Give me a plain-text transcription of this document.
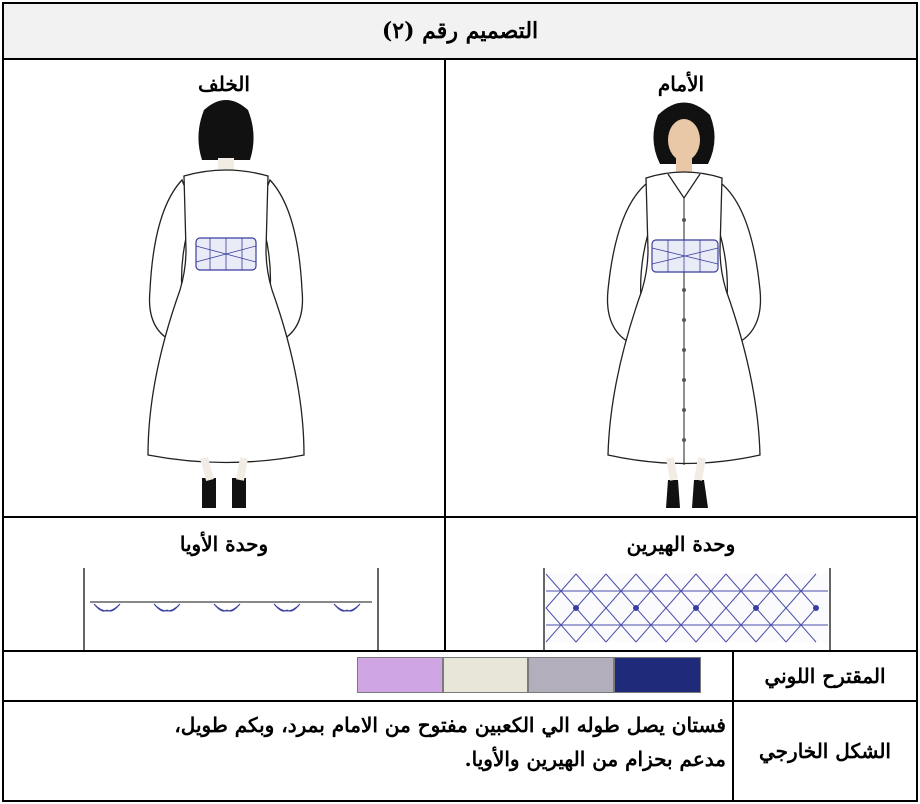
التصميم رقم (٢)
الخلف	الأمام
وحدة الأويا	وحدة الهيرين
المقترح اللوني
فستان يصل طوله الي الكعبين مفتوح من الامام بمرد، وبكم طويل،
مدعم بحزام من الهيرين والأويا.	الشكل الخارجي
